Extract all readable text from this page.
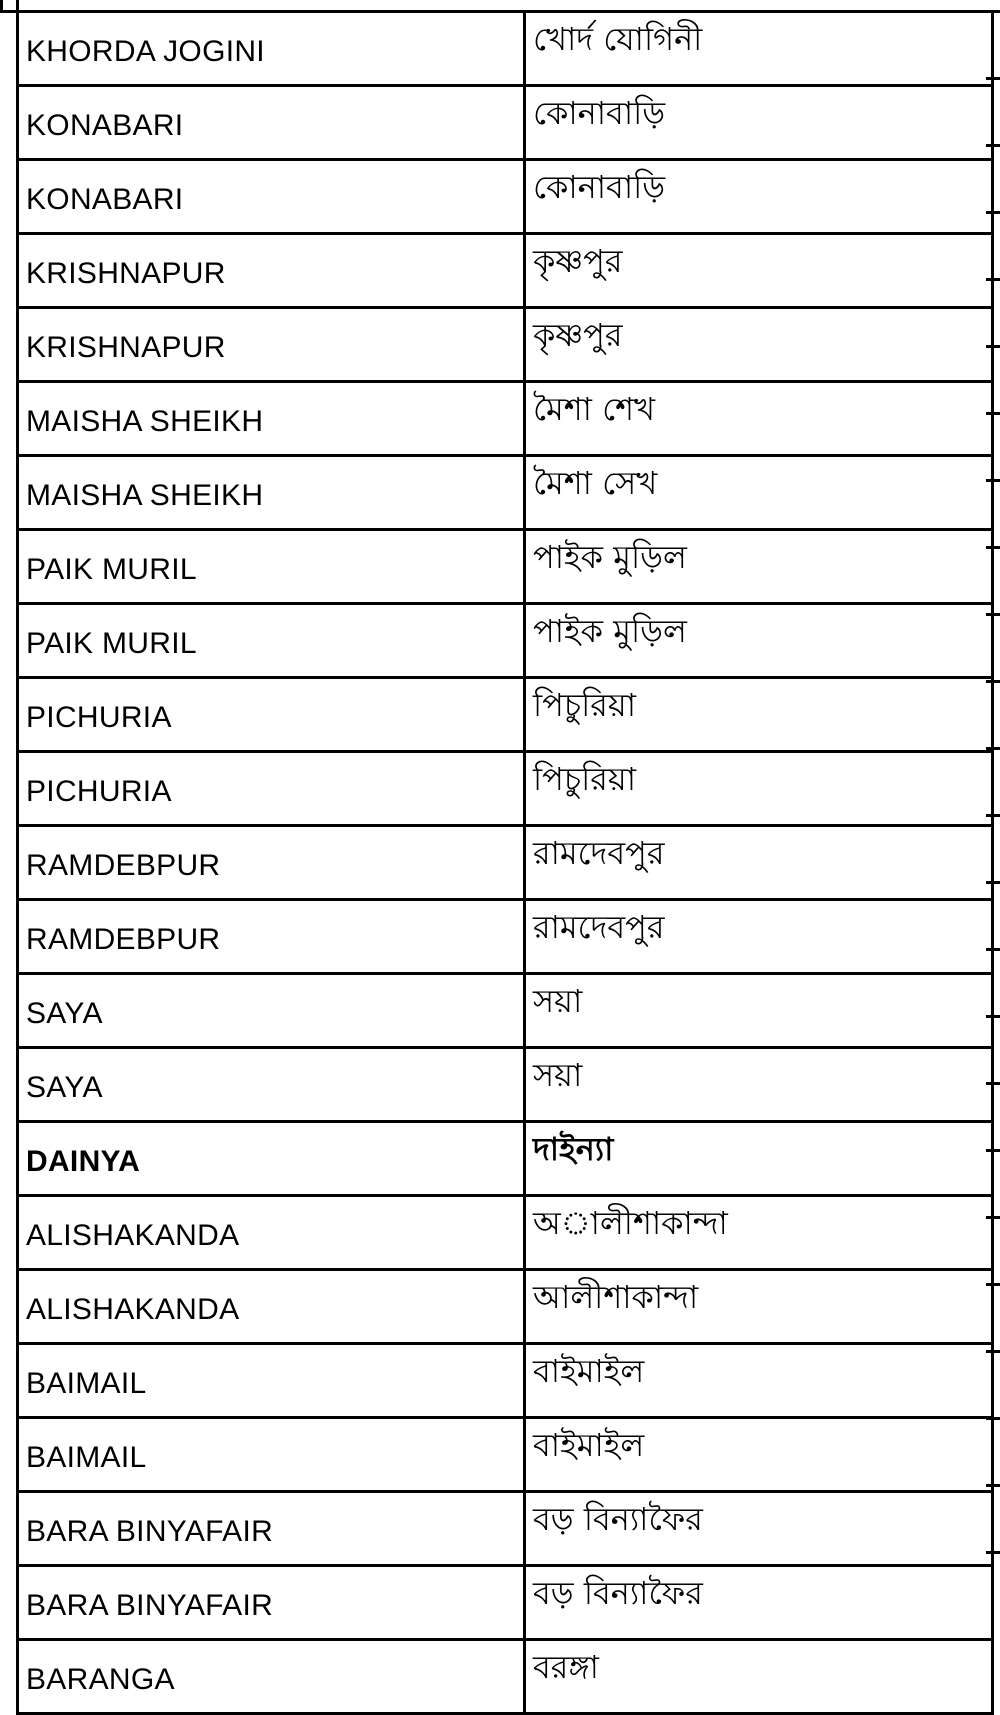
KHORDA JOGINI	খোর্দ যোগিনী
KONABARI	কোনাবাড়ি
KONABARI	কোনাবাড়ি
KRISHNAPUR	কৃষ্ণপুর
KRISHNAPUR	কৃষ্ণপুর
MAISHA SHEIKH	মৈশা শেখ
MAISHA SHEIKH	মৈশা সেখ
PAIK MURIL	পাইক মুড়িল
PAIK MURIL	পাইক মুড়িল
PICHURIA	পিচুরিয়া
PICHURIA	পিচুরিয়া
RAMDEBPUR	রামদেবপুর
RAMDEBPUR	রামদেবপুর
SAYA	সয়া
SAYA	সয়া
DAINYA	দাইন্যা
ALISHAKANDA	অালীশাকান্দা
ALISHAKANDA	আলীশাকান্দা
BAIMAIL	বাইমাইল
BAIMAIL	বাইমাইল
BARA BINYAFAIR	বড় বিন্যাফৈর
BARA BINYAFAIR	বড় বিন্যাফৈর
BARANGA	বরঙ্গা
